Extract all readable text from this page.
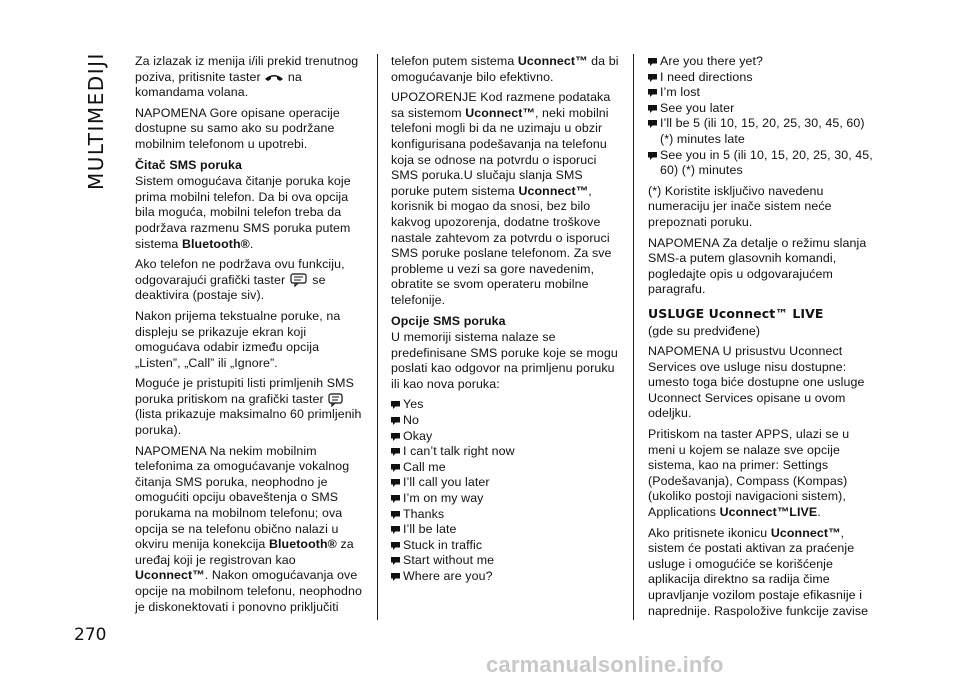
MULTIMEDIJI
270

Za izlazak iz menija i/ili prekid trenutnog poziva, pritisnite taster na komandama volana.

NAPOMENA Gore opisane operacije dostupne su samo ako su podržane mobilnim telefonom u upotrebi.

Čitač SMS poruka

Sistem omogućava čitanje poruka koje prima mobilni telefon. Da bi ova opcija bila moguća, mobilni telefon treba da podržava razmenu SMS poruka putem sistema Bluetooth®.

Ako telefon ne podržava ovu funkciju, odgovarajući grafički taster se deaktivira (postaje siv).

Nakon prijema tekstualne poruke, na displeju se prikazuje ekran koji omogućava odabir između opcija „Listen”, „Call” ili „Ignore”.

Moguće je pristupiti listi primljenih SMS poruka pritiskom na grafički taster  (lista prikazuje maksimalno 60 primljenih poruka).

NAPOMENA Na nekim mobilnim telefonima za omogućavanje vokalnog čitanja SMS poruka, neophodno je omogućiti opciju obaveštenja o SMS porukama na mobilnom telefonu; ova opcija se na telefonu obično nalazi u okviru menija konekcija Bluetooth® za uređaj koji je registrovan kao Uconnect™. Nakon omogućavanja ove opcije na mobilnom telefonu, neophodno je diskonektovati i ponovno priključiti

telefon putem sistema Uconnect™ da bi omogućavanje bilo efektivno.

UPOZORENJE Kod razmene podataka sa sistemom Uconnect™, neki mobilni telefoni mogli bi da ne uzimaju u obzir konfigurisana podešavanja na telefonu koja se odnose na potvrdu o isporuci SMS poruka.U slučaju slanja SMS poruke putem sistema Uconnect™, korisnik bi mogao da snosi, bez bilo kakvog upozorenja, dodatne troškove nastale zahtevom za potvrdu o isporuci SMS poruke poslane telefonom. Za sve probleme u vezi sa gore navedenim, obratite se svom operateru mobilne telefonije.

Opcije SMS poruka

U memoriji sistema nalaze se predefinisane SMS poruke koje se mogu poslati kao odgovor na primljenu poruku ili kao nova poruka:

Yes
No
Okay
I can’t talk right now
Call me
I’ll call you later
I’m on my way
Thanks
I’ll be late
Stuck in traffic
Start without me
Where are you?
Are you there yet?
I need directions
I’m lost
See you later
I’ll be 5 (ili 10, 15, 20, 25, 30, 45, 60) (*) minutes late
See you in 5 (ili 10, 15, 20, 25, 30, 45, 60) (*) minutes

(*) Koristite isključivo navedenu numeraciju jer inače sistem neće prepoznati poruku.

NAPOMENA Za detalje o režimu slanja SMS-a putem glasovnih komandi, pogledajte opis u odgovarajućem paragrafu.

USLUGE Uconnect™ LIVE

(gde su predviđene)

NAPOMENA U prisustvu Uconnect Services ove usluge nisu dostupne: umesto toga biće dostupne one usluge Uconnect Services opisane u ovom odeljku.

Pritiskom na taster APPS, ulazi se u meni u kojem se nalaze sve opcije sistema, kao na primer: Settings (Podešavanja), Compass (Kompas) (ukoliko postoji navigacioni sistem), Applications Uconnect™LIVE.

Ako pritisnete ikonicu Uconnect™, sistem će postati aktivan za praćenje usluge i omogućiće se korišćenje aplikacija direktno sa radija čime upravljanje vozilom postaje efikasnije i naprednije. Raspoložive funkcije zavise

carmanualsonline.info
